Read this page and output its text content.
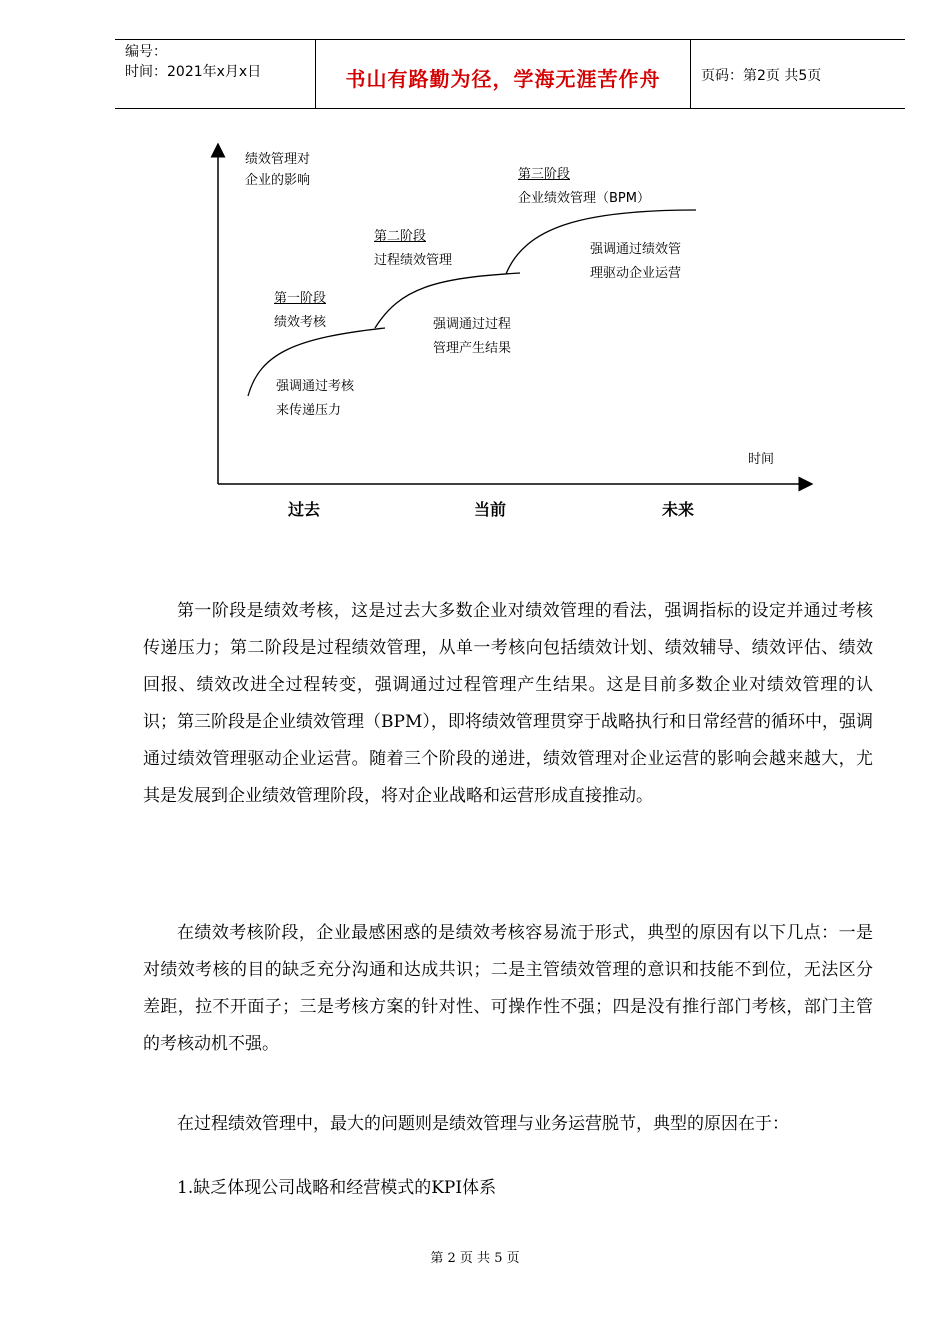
编号：
时间：2021年x月x日	书山有路勤为径，学海无涯苦作舟	页码：第2页 共5页
绩效管理对
企业的影响
时间
第一阶段
绩效考核
强调通过考核
来传递压力
第二阶段
过程绩效管理
强调通过过程
管理产生结果
第三阶段
企业绩效管理（BPM）
强调通过绩效管
理驱动企业运营
过去	当前	未来

第一阶段是绩效考核，这是过去大多数企业对绩效管理的看法，强调指标的设定并通过考核传递压力；第二阶段是过程绩效管理，从单一考核向包括绩效计划、绩效辅导、绩效评估、绩效回报、绩效改进全过程转变，强调通过过程管理产生结果。这是目前多数企业对绩效管理的认识；第三阶段是企业绩效管理（BPM），即将绩效管理贯穿于战略执行和日常经营的循环中，强调通过绩效管理驱动企业运营。随着三个阶段的递进，绩效管理对企业运营的影响会越来越大，尤其是发展到企业绩效管理阶段，将对企业战略和运营形成直接推动。

在绩效考核阶段，企业最感困惑的是绩效考核容易流于形式，典型的原因有以下几点：一是对绩效考核的目的缺乏充分沟通和达成共识；二是主管绩效管理的意识和技能不到位，无法区分差距，拉不开面子；三是考核方案的针对性、可操作性不强；四是没有推行部门考核，部门主管的考核动机不强。

在过程绩效管理中，最大的问题则是绩效管理与业务运营脱节，典型的原因在于：

1.缺乏体现公司战略和经营模式的KPI体系

第 2 页 共 5 页
